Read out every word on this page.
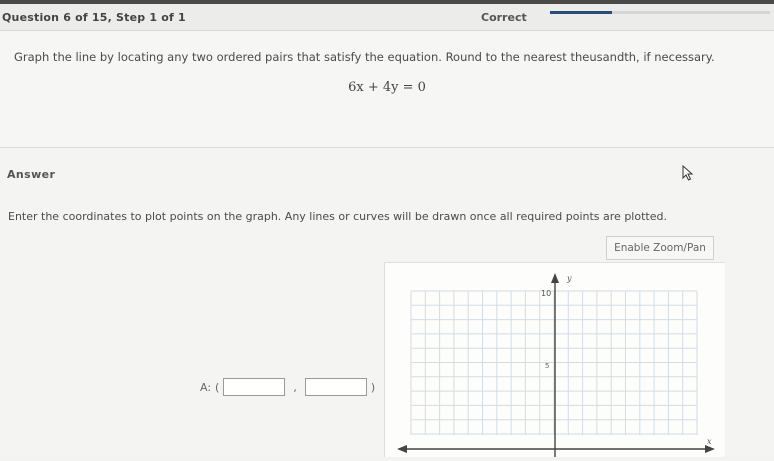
Question 6 of 15, Step 1 of 1	Correct
Graph the line by locating any two ordered pairs that satisfy the equation. Round to the nearest theusandth, if necessary.
6x + 4y = 0
Answer
Enter the coordinates to plot points on the graph. Any lines or curves will be drawn once all required points are plotted.
Enable Zoom/Pan
y
10
5
x
A: (	,	)
